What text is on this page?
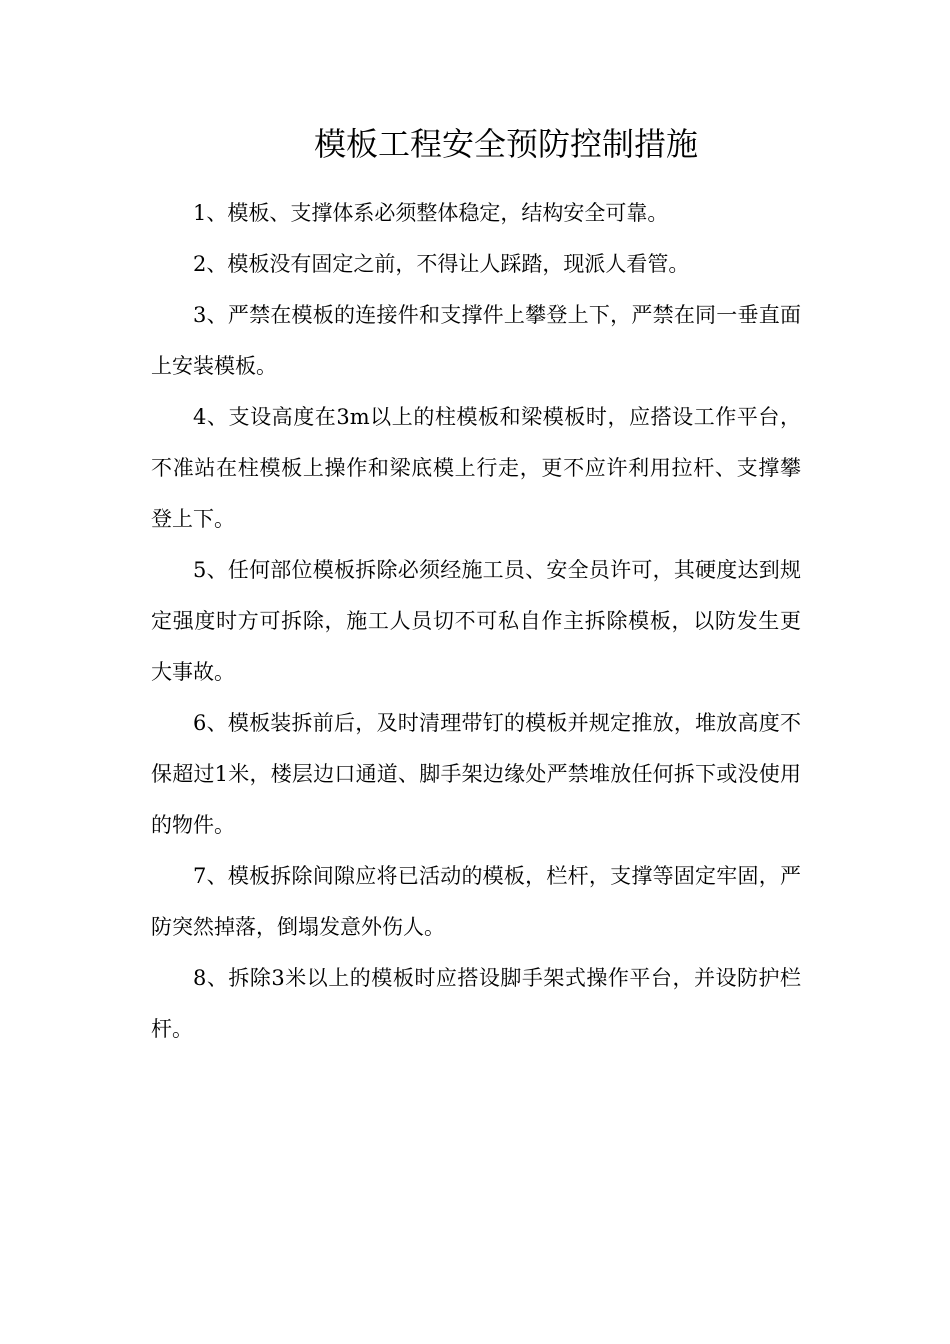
模板工程安全预防控制措施

1、模板、支撑体系必须整体稳定，结构安全可靠。

2、模板没有固定之前，不得让人踩踏，现派人看管。

3、严禁在模板的连接件和支撑件上攀登上下，严禁在同一垂直面上安装模板。

4、支设高度在3m以上的柱模板和梁模板时，应搭设工作平台，不准站在柱模板上操作和梁底模上行走，更不应许利用拉杆、支撑攀登上下。

5、任何部位模板拆除必须经施工员、安全员许可，其硬度达到规定强度时方可拆除，施工人员切不可私自作主拆除模板，以防发生更大事故。

6、模板装拆前后，及时清理带钉的模板并规定推放，堆放高度不保超过1米，楼层边口通道、脚手架边缘处严禁堆放任何拆下或没使用的物件。

7、模板拆除间隙应将已活动的模板，栏杆，支撑等固定牢固，严防突然掉落，倒塌发意外伤人。

8、拆除3米以上的模板时应搭设脚手架式操作平台，并设防护栏杆。
